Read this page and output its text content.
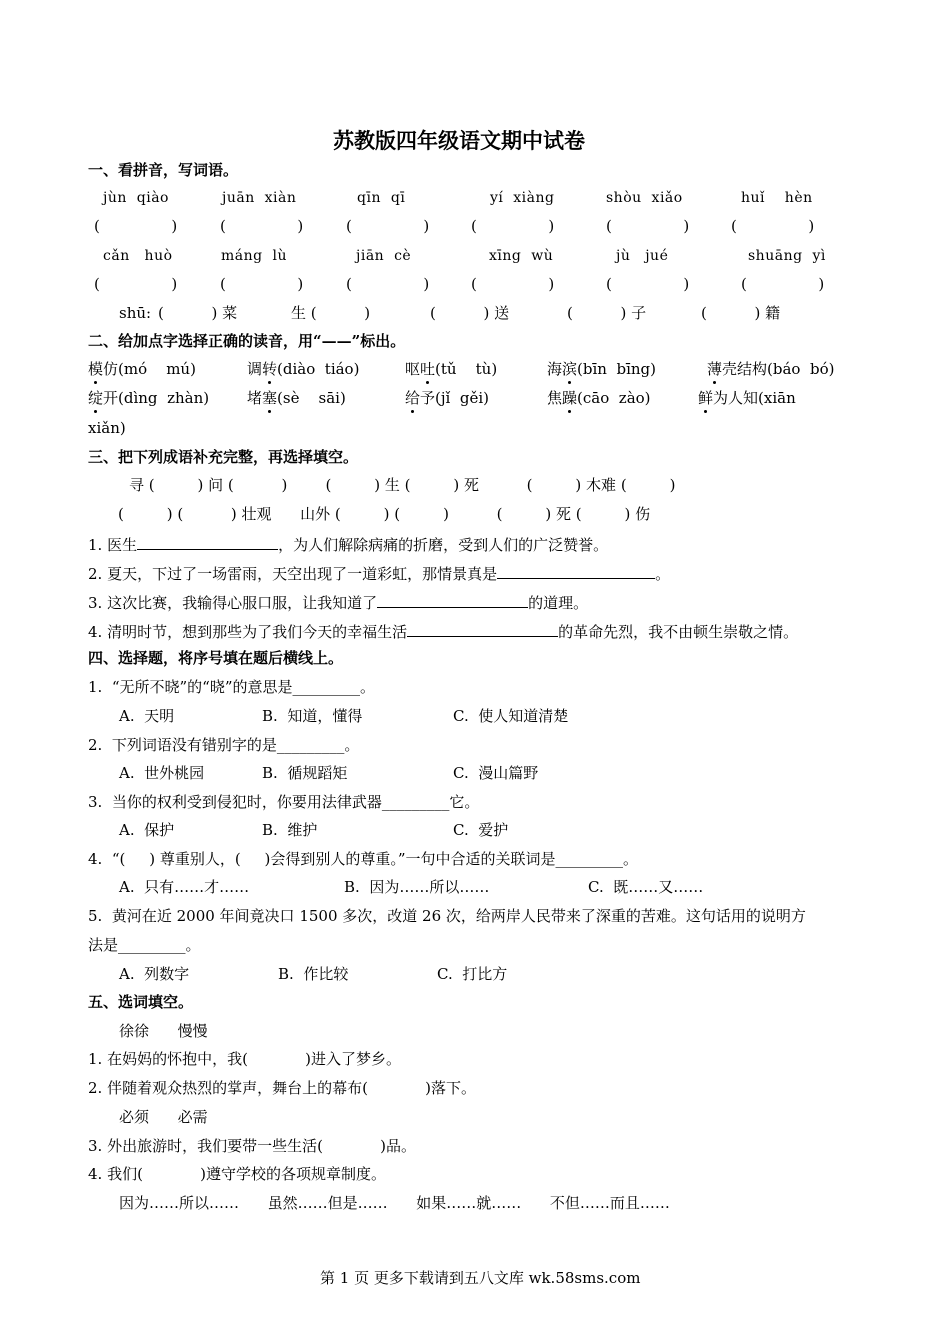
苏教版四年级语文期中试卷
一、看拼音，写词语。
jùn  qiào	juān  xiàn	qīn  qī	yí  xiàng	shòu  xiǎo	huǐ    hèn
(               )	(               )	(               )	(               )	(               )	(               )
cǎn   huò	máng  lù	jiān  cè	xīng  wù	jù   jué	shuāng  yì
(               )	(               )	(               )	(               )	(               )	(               )
shū: (          ) 菜	生 (          )	(          ) 送	(          ) 子	(          ) 籍
二、给加点字选择正确的读音，用“——”标出。
模仿(mó    mú)	调转(diào  tiáo)	呕吐(tǔ    tù)	海滨(bīn  bīng)	薄壳结构(báo  bó)
绽开(dìng  zhàn)	堵塞(sè    sāi)	给予(jǐ  gěi)	焦躁(cāo  zào)	鲜为人知(xiān
xiǎn)
三、把下列成语补充完整，再选择填空。
寻 (         ) 问 (          )        (         ) 生 (         ) 死          (         ) 木难 (         )
(         ) (          ) 壮观      山外 (         ) (         )          (         ) 死 (         ) 伤
1. 医生	，为人们解除病痛的折磨，受到人们的广泛赞誉。
2. 夏天，下过了一场雷雨，天空出现了一道彩虹，那情景真是	。
3. 这次比赛，我输得心服口服，让我知道了	的道理。
4. 清明时节，想到那些为了我们今天的幸福生活	的革命先烈，我不由顿生崇敬之情。
四、选择题，将序号填在题后横线上。
1.  “无所不晓”的“晓”的意思是_________。
A.  天明	B.  知道，懂得	C.  使人知道清楚
2.  下列词语没有错别字的是_________。
A.  世外桃园	B.  循规蹈矩	C.  漫山篇野
3.  当你的权利受到侵犯时，你要用法律武器_________它。
A.  保护	B.  维护	C.  爱护
4.  “(     ) 尊重别人，(     )会得到别人的尊重。”一句中合适的关联词是_________。
A.  只有……才……	B.  因为……所以……	C.  既……又……
5.  黄河在近 2000 年间竟决口 1500 多次，改道 26 次，给两岸人民带来了深重的苦难。这句话用的说明方
法是_________。
A.  列数字	B.  作比较	C.  打比方
五、选词填空。
徐徐      慢慢
1. 在妈妈的怀抱中，我(            )进入了梦乡。
2. 伴随着观众热烈的掌声，舞台上的幕布(            )落下。
必须      必需
3. 外出旅游时，我们要带一些生活(            )品。
4. 我们(            )遵守学校的各项规章制度。
因为……所以……      虽然……但是……      如果……就……      不但……而且……
第 1 页 更多下载请到五八文库 wk.58sms.com
